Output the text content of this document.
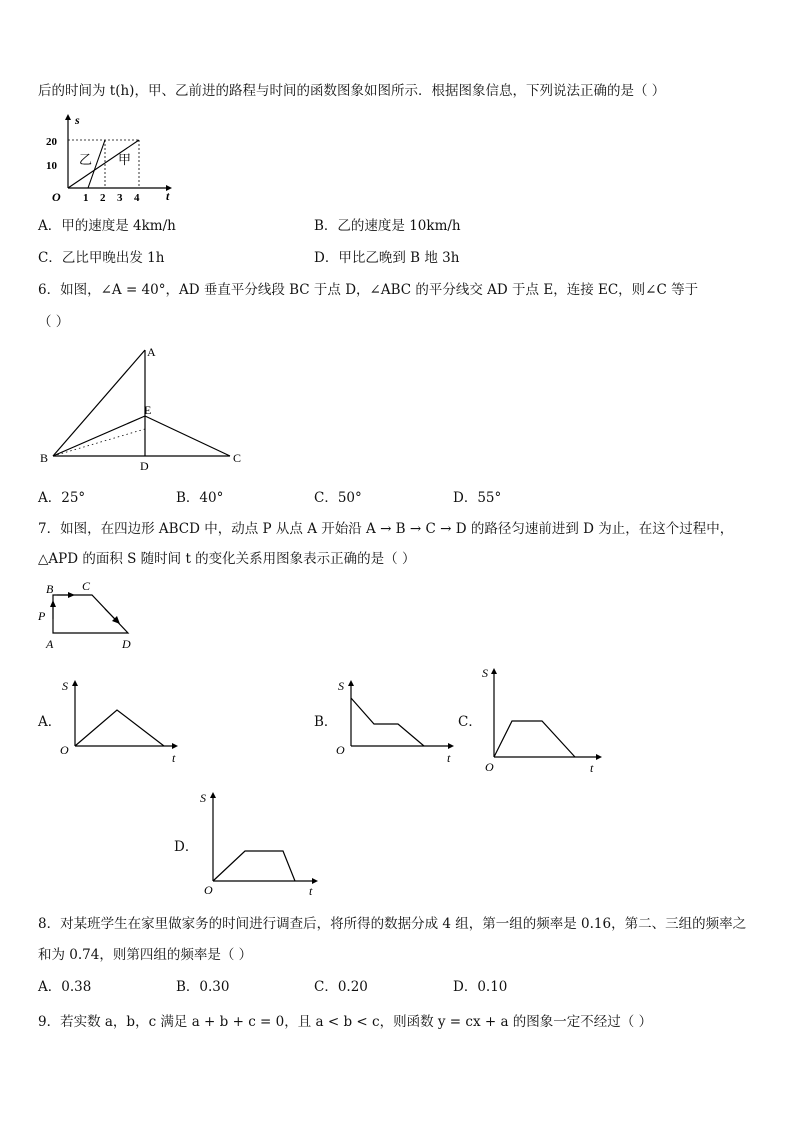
后的时间为 t(h)，甲、乙前进的路程与时间的函数图象如图所示．根据图象信息，下列说法正确的是（ ）
s
t
O
20
10
1 2 3 4
乙 甲
A．甲的速度是 4km/h	B．乙的速度是 10km/h
C．乙比甲晚出发 1h	D．甲比乙晚到 B 地 3h
6．如图，∠A = 40°，AD 垂直平分线段 BC 于点 D，∠ABC 的平分线交 AD 于点 E，连接 EC，则∠C 等于
（ ）
A
E
B	C
D
A．25°	B．40°	C．50°	D．55°
7．如图，在四边形 ABCD 中，动点 P 从点 A 开始沿 A → B → C → D 的路径匀速前进到 D 为止，在这个过程中，
△APD 的面积 S 随时间 t 的变化关系用图象表示正确的是（ ）
B C
P
A	D
A．
S
O
t
B．
S
O
t
C．
S
O	t
D．
S
O	t
8．对某班学生在家里做家务的时间进行调查后，将所得的数据分成 4 组，第一组的频率是 0.16，第二、三组的频率之
和为 0.74，则第四组的频率是（ ）
A．0.38	B．0.30	C．0.20	D．0.10
9．若实数 a，b，c 满足 a + b + c = 0，且 a < b < c，则函数 y = cx + a 的图象一定不经过（ ）
